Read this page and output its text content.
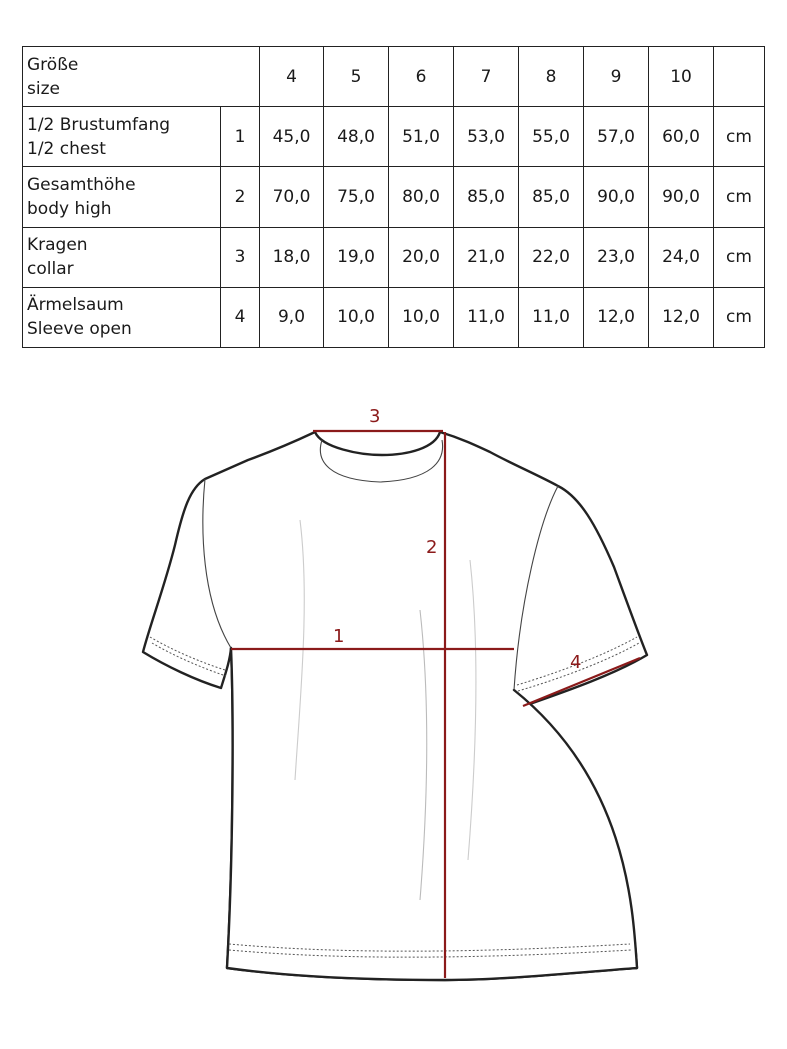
Größe
size		4	5	6	7	8	9	10	

1/2 Brustumfang
1/2 chest	1	45,0	48,0	51,0	53,0	55,0	57,0	60,0	cm

Gesamthöhe
body high	2	70,0	75,0	80,0	85,0	85,0	90,0	90,0	cm

Kragen
collar	3	18,0	19,0	20,0	21,0	22,0	23,0	24,0	cm

Ärmelsaum
Sleeve open	4	9,0	10,0	10,0	11,0	11,0	12,0	12,0	cm
3
2
1
4
